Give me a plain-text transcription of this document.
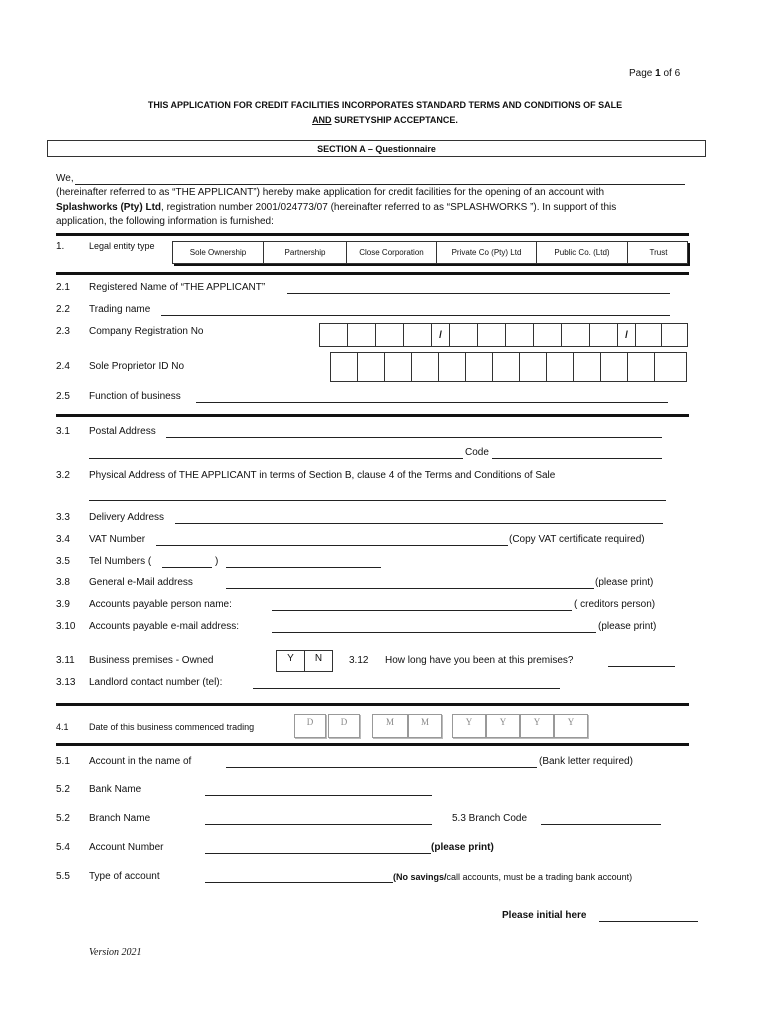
Page 1 of 6
THIS APPLICATION FOR CREDIT FACILITIES INCORPORATES STANDARD TERMS AND CONDITIONS OF SALE
AND SURETYSHIP ACCEPTANCE.
SECTION A – Questionnaire
We,
(hereinafter referred to as “THE APPLICANT”) hereby make application for credit facilities for the opening of an account with
Splashworks (Pty) Ltd, registration number 2001/024773/07 (hereinafter referred to as “SPLASHWORKS ”). In support of this
application, the following information is furnished:
1.	Legal entity type
Sole Ownership	Partnership	Close Corporation	Private Co (Pty) Ltd	Public Co. (Ltd)	Trust
2.1 Registered Name of “THE APPLICANT”
2.2 Trading name
2.3 Company Registration No	/	/
2.4 Sole Proprietor ID No
2.5 Function of business
3.1 Postal Address
Code
3.2 Physical Address of THE APPLICANT in terms of Section B, clause 4 of the Terms and Conditions of Sale
3.3 Delivery Address
3.4 VAT Number	(Copy VAT certificate required)
3.5 Tel Numbers (	)
3.8 General e-Mail address	(please print)
3.9 Accounts payable person name:	( creditors person)
3.10 Accounts payable e-mail address:	(please print)
3.11 Business premises - Owned	Y	N	3.12 How long have you been at this premises?
3.13 Landlord contact number (tel):
4.1 Date of this business commenced trading	D	D	M	M	Y	Y	Y	Y
5.1 Account in the name of	(Bank letter required)
5.2 Bank Name
5.2 Branch Name	5.3 Branch Code
5.4 Account Number	(please print)
5.5 Type of account	(No savings/call accounts, must be a trading bank account)
Please initial here
Version 2021
